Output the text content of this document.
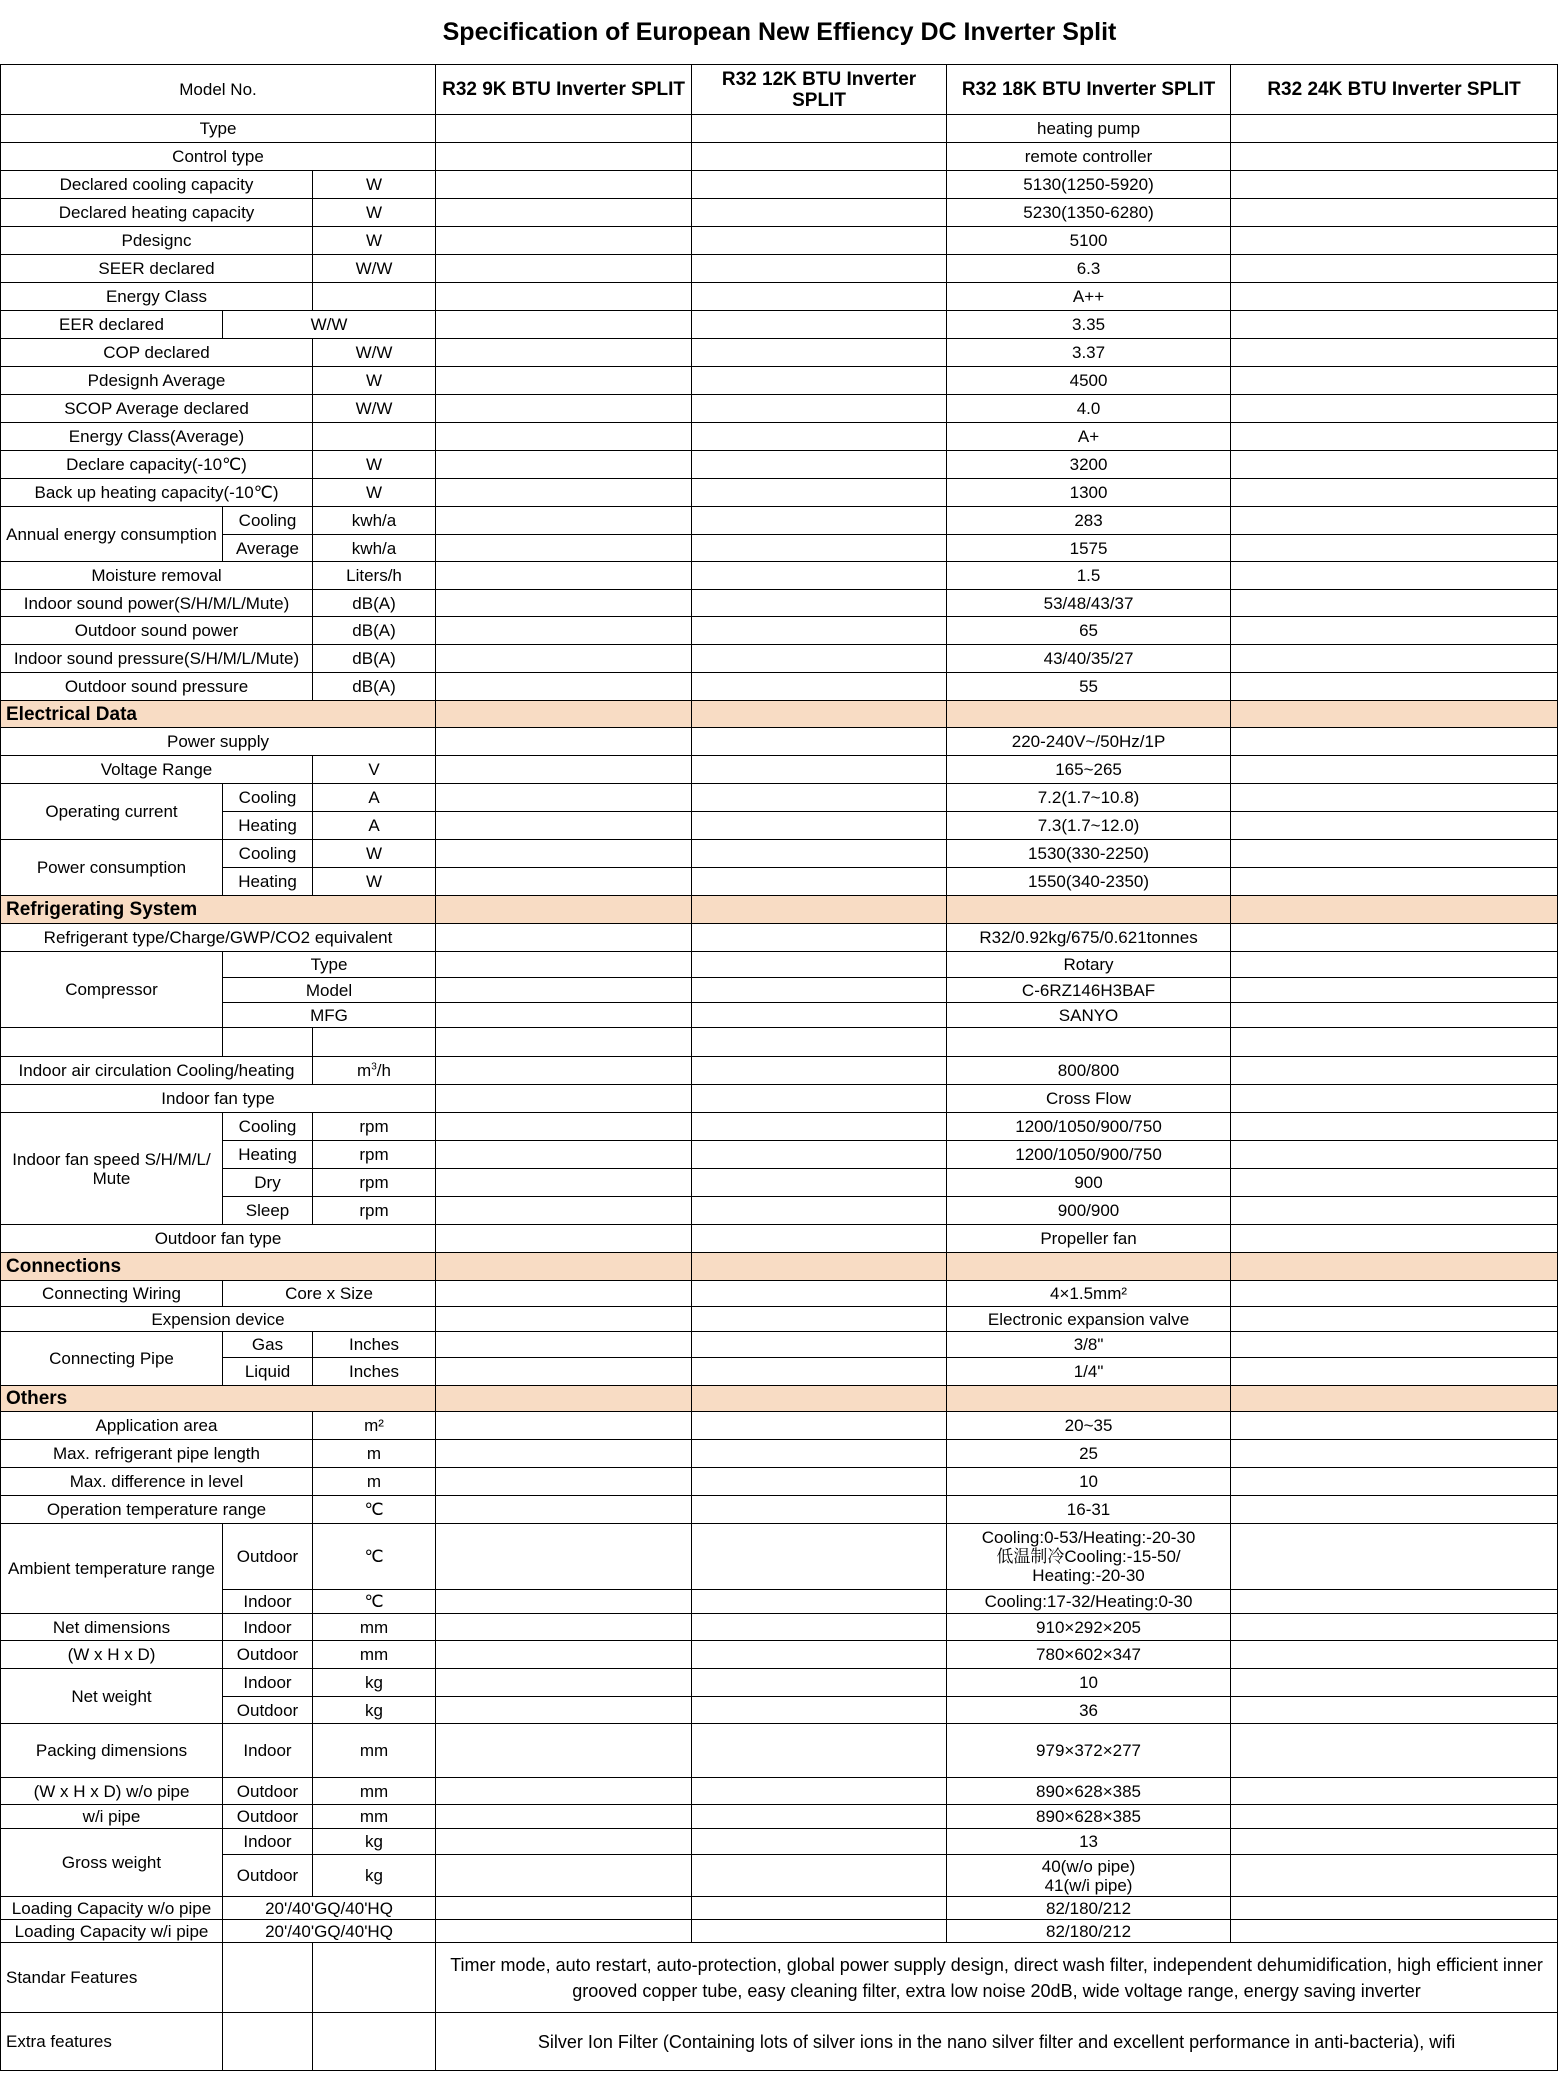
Specification of European New Effiency DC Inverter Split
Model No.			R32 9K BTU Inverter SPLIT	R32 12K BTU Inverter SPLIT	R32 18K BTU Inverter SPLIT	R32 24K BTU Inverter SPLIT
Type					heating pump	
Control type					remote controller	
Declared cooling capacity		W			5130(1250-5920)	
Declared heating capacity		W			5230(1350-6280)	
Pdesignc		W			5100	
SEER declared		W/W			6.3	
Energy Class					A++	
EER declared	W/W				3.35	
COP declared		W/W			3.37	
Pdesignh Average		W			4500	
SCOP Average declared		W/W			4.0	
Energy Class(Average)					A+	
Declare capacity(-10℃)		W			3200	
Back up heating capacity(-10℃)		W			1300	
Annual energy consumption	Cooling	kwh/a			283	
	Average	kwh/a			1575	
Moisture removal		Liters/h			1.5	
Indoor sound power(S/H/M/L/Mute)		dB(A)			53/48/43/37	
Outdoor sound power		dB(A)			65	
Indoor sound pressure(S/H/M/L/Mute)		dB(A)			43/40/35/27	
Outdoor sound pressure		dB(A)			55	
Electrical Data						
Power supply					220-240V~/50Hz/1P	
Voltage Range		V			165~265	
Operating current	Cooling	A			7.2(1.7~10.8)	
	Heating	A			7.3(1.7~12.0)	
Power consumption	Cooling	W			1530(330-2250)	
	Heating	W			1550(340-2350)	
Refrigerating System						
Refrigerant type/Charge/GWP/CO2 equivalent					R32/0.92kg/675/0.621tonnes	
Compressor	Type				Rotary	
	Model				C-6RZ146H3BAF	
	MFG				SANYO	

Indoor air circulation Cooling/heating		$m^3/h$			800/800	
Indoor fan type					Cross Flow	
Indoor fan speed S/H/M/L/ Mute	Cooling	rpm			1200/1050/900/750	
	Heating	rpm			1200/1050/900/750	
	Dry	rpm			900	
	Sleep	rpm			900/900	
Outdoor fan type					Propeller fan	
Connections						
Connecting Wiring	Core x Size				4×1.5mm²	
Expension device					Electronic expansion valve	
Connecting Pipe	Gas	Inches			3/8"	
	Liquid	Inches			1/4"	
Others						
Application area		m²			20~35	
Max. refrigerant pipe length		m			25	
Max. difference in level		m			10	
Operation temperature range		℃			16-31	
Ambient temperature range	Outdoor	℃			Cooling:0-53/Heating:-20-30
低温制冷Cooling:-15-50/
Heating:-20-30	

	Indoor	℃			Cooling:17-32/Heating:0-30	
Net dimensions	Indoor	mm			910×292×205	
(W x H x D)	Outdoor	mm			780×602×347	
Net weight	Indoor	kg			10	
	Outdoor	kg			36	
Packing dimensions	Indoor	mm			979×372×277	
(W x H x D) w/o pipe	Outdoor	mm			890×628×385	
w/i pipe	Outdoor	mm			890×628×385	
Gross weight	Indoor	kg			13	
	Outdoor	kg			40(w/o pipe)
41(w/i pipe)	

Loading Capacity w/o pipe	20'/40'GQ/40'HQ				82/180/212	
Loading Capacity w/i pipe	20'/40'GQ/40'HQ				82/180/212	
Standar Features			Timer mode, auto restart, auto-protection, global power supply design, direct wash filter, independent dehumidification, high efficient inner grooved copper tube, easy cleaning filter, extra low noise 20dB, wide voltage range, energy saving inverter			
Extra features			Silver Ion Filter (Containing lots of silver ions in the nano silver filter and excellent performance in anti-bacteria), wifi			
